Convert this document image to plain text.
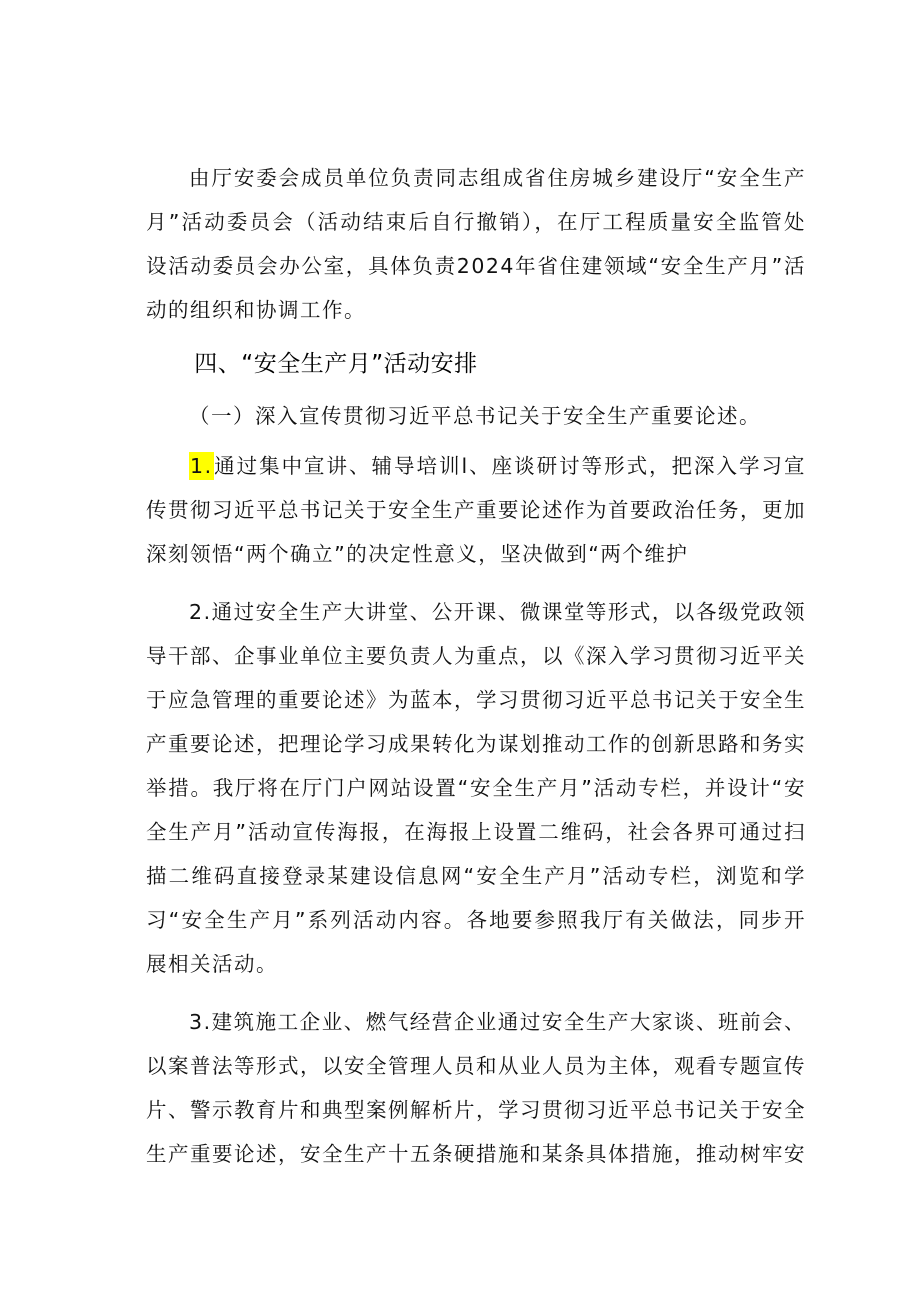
由厅安委会成员单位负责同志组成省住房城乡建设厅“安全生产月”活动委员会（活动结束后自行撤销），在厅工程质量安全监管处设活动委员会办公室，具体负责2024年省住建领域“安全生产月”活动的组织和协调工作。

四、“安全生产月”活动安排

（一）深入宣传贯彻习近平总书记关于安全生产重要论述。

1.通过集中宣讲、辅导培训l、座谈研讨等形式，把深入学习宣传贯彻习近平总书记关于安全生产重要论述作为首要政治任务，更加深刻领悟“两个确立”的决定性意义，坚决做到“两个维护

2.通过安全生产大讲堂、公开课、微课堂等形式，以各级党政领导干部、企事业单位主要负责人为重点，以《深入学习贯彻习近平关于应急管理的重要论述》为蓝本，学习贯彻习近平总书记关于安全生产重要论述，把理论学习成果转化为谋划推动工作的创新思路和务实举措。我厅将在厅门户网站设置“安全生产月”活动专栏，并设计“安全生产月”活动宣传海报，在海报上设置二维码，社会各界可通过扫描二维码直接登录某建设信息网“安全生产月”活动专栏，浏览和学习“安全生产月”系列活动内容。各地要参照我厅有关做法，同步开展相关活动。

3.建筑施工企业、燃气经营企业通过安全生产大家谈、班前会、以案普法等形式，以安全管理人员和从业人员为主体，观看专题宣传片、警示教育片和典型案例解析片，学习贯彻习近平总书记关于安全生产重要论述，安全生产十五条硬措施和某条具体措施，推动树牢安
